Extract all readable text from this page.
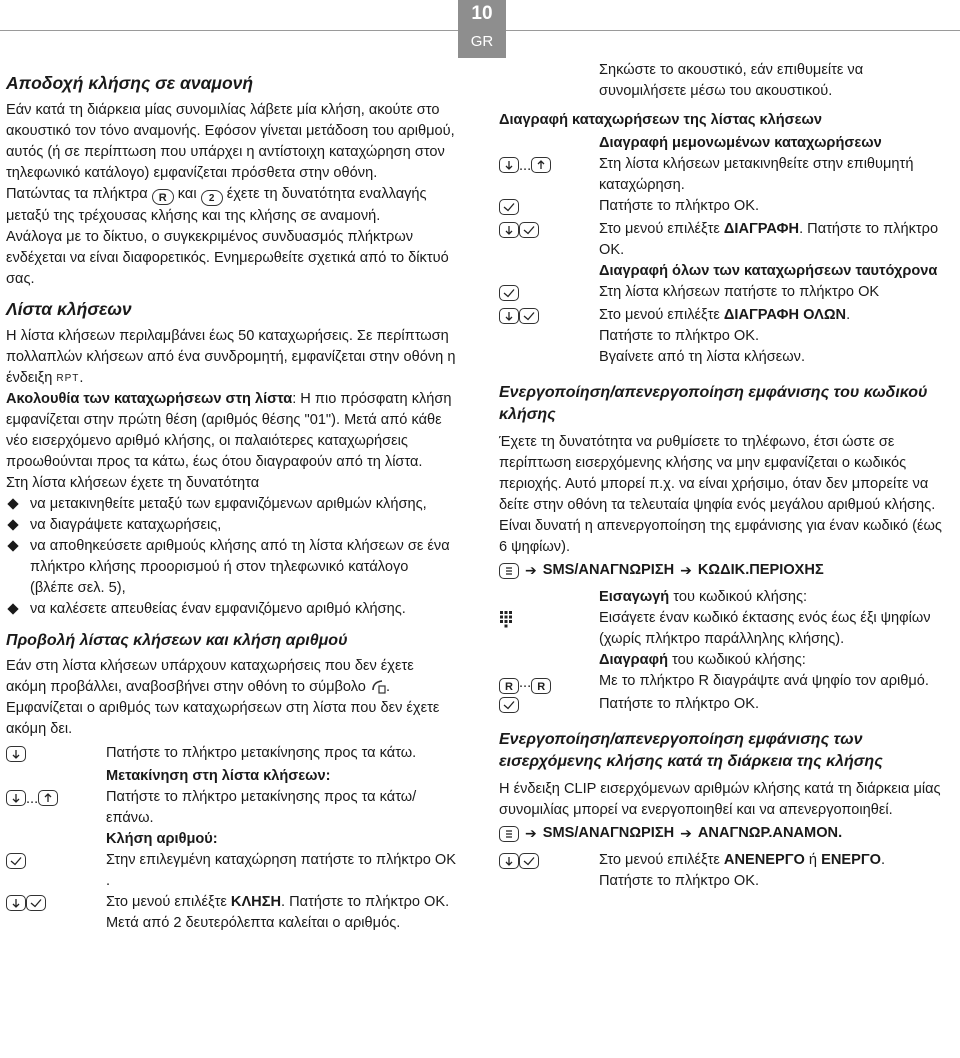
10
GR
Αποδοχή κλήσης σε αναμονή

Εάν κατά τη διάρκεια μίας συνομιλίας λάβετε μία κλήση, ακούτε στο ακουστικό τον τόνο αναμονής. Εφόσον γίνεται μετάδοση του αριθμού, αυτός (ή σε περίπτωση που υπάρχει η αντίστοιχη καταχώρηση στον τηλεφωνικό κατάλογο) εμφανίζεται πρόσθετα στην οθόνη.

Πατώντας τα πλήκτρα R και 2 έχετε τη δυνατότητα εναλλαγής μεταξύ της τρέχουσας κλήσης και της κλήσης σε αναμονή.

Ανάλογα με το δίκτυο, ο συγκεκριμένος συνδυασμός πλήκτρων ενδέχεται να είναι διαφορετικός. Ενημερωθείτε σχετικά από το δίκτυό σας.

Λίστα κλήσεων

Η λίστα κλήσεων περιλαμβάνει έως 50 καταχωρήσεις. Σε περίπτωση πολλαπλών κλήσεων από ένα συνδρομητή, εμφανίζεται στην οθόνη η ένδειξη RPT.

Ακολουθία των καταχωρήσεων στη λίστα: Η πιο πρόσφατη κλήση εμφανίζεται στην πρώτη θέση (αριθμός θέσης "01"). Μετά από κάθε νέο εισερχόμενο αριθμό κλήσης, οι παλαιότερες καταχωρήσεις προωθούνται προς τα κάτω, έως ότου διαγραφούν από τη λίστα.

Στη λίστα κλήσεων έχετε τη δυνατότητα

να μετακινηθείτε μεταξύ των εμφανιζόμενων αριθμών κλήσης,
να διαγράψετε καταχωρήσεις,
να αποθηκεύσετε αριθμούς κλήσης από τη λίστα κλήσεων σε ένα πλήκτρο κλήσης προορισμού ή στον τηλεφωνικό κατάλογο (βλέπε σελ. 5),
να καλέσετε απευθείας έναν εμφανιζόμενο αριθμό κλήσης.
Προβολή λίστας κλήσεων και κλήση αριθμού

Εάν στη λίστα κλήσεων υπάρχουν καταχωρήσεις που δεν έχετε ακόμη προβάλλει, αναβοσβήνει στην οθόνη το σύμβολο . Εμφανίζεται ο αριθμός των καταχωρήσεων στη λίστα που δεν έχετε ακόμη δει.

Πατήστε το πλήκτρο μετακίνησης προς τα κάτω.

Μετακίνηση στη λίστα κλήσεων:
...	Πατήστε το πλήκτρο μετακίνησης προς τα κάτω/επάνω.

Κλήση αριθμού:

Στην επιλεγμένη καταχώρηση πατήστε το πλήκτρο ΟΚ .

Στο μενού επιλέξτε ΚΛΗΣΗ. Πατήστε το πλήκτρο ΟΚ.

Μετά από 2 δευτερόλεπτα καλείται ο αριθμός.

Σηκώστε το ακουστικό, εάν επιθυμείτε να συνομιλήσετε μέσω του ακουστικού.

Διαγραφή καταχωρήσεων της λίστας κλήσεων
Διαγραφή μεμονωμένων καταχωρήσεων
...	Στη λίστα κλήσεων μετακινηθείτε στην επιθυμητή καταχώρηση.

Πατήστε το πλήκτρο ΟΚ.

Στο μενού επιλέξτε ΔΙΑΓΡΑΦΗ. Πατήστε το πλήκτρο ΟΚ.

Διαγραφή όλων των καταχωρήσεων ταυτόχρονα

Στη λίστα κλήσεων πατήστε το πλήκτρο ΟΚ

Στο μενού επιλέξτε ΔΙΑΓΡΑΦΗ ΟΛΩΝ.

Πατήστε το πλήκτρο ΟΚ.

Βγαίνετε από τη λίστα κλήσεων.

Ενεργοποίηση/απενεργοποίηση εμφάνισης του κωδικού κλήσης

Έχετε τη δυνατότητα να ρυθμίσετε το τηλέφωνο, έτσι ώστε σε περίπτωση εισερχόμενης κλήσης να μην εμφανίζεται ο κωδικός περιοχής. Αυτό μπορεί π.χ. να είναι χρήσιμο, όταν δεν μπορείτε να δείτε στην οθόνη τα τελευταία ψηφία ενός μεγάλου αριθμού κλήσης.

Είναι δυνατή η απενεργοποίηση της εμφάνισης για έναν κωδικό (έως 6 ψηφίων).

➔ SMS/ΑΝΑΓΝΩΡΙΣΗ ➔ ΚΩΔΙΚ.ΠΕΡΙΟΧΗΣ

Εισαγωγή του κωδικού κλήσης:

Εισάγετε έναν κωδικό έκτασης ενός έως έξι ψηφίων (χωρίς πλήκτρο παράλληλης κλήσης).

Διαγραφή του κωδικού κλήσης:

R ... R	Με το πλήκτρο R διαγράψτε ανά ψηφίο τον αριθμό.

Πατήστε το πλήκτρο ΟΚ.

Ενεργοποίηση/απενεργοποίηση εμφάνισης των εισερχόμενης κλήσης κατά τη διάρκεια της κλήσης

Η ένδειξη CLIP εισερχόμενων αριθμών κλήσης κατά τη διάρκεια μίας συνομιλίας μπορεί να ενεργοποιηθεί και να απενεργοποιηθεί.

➔ SMS/ΑΝΑΓΝΩΡΙΣΗ ➔ ΑΝΑΓΝΩΡ.ΑΝΑΜΟΝ.

Στο μενού επιλέξτε ΑΝΕΝΕΡΓΟ ή ΕΝΕΡΓΟ.

Πατήστε το πλήκτρο ΟΚ.
